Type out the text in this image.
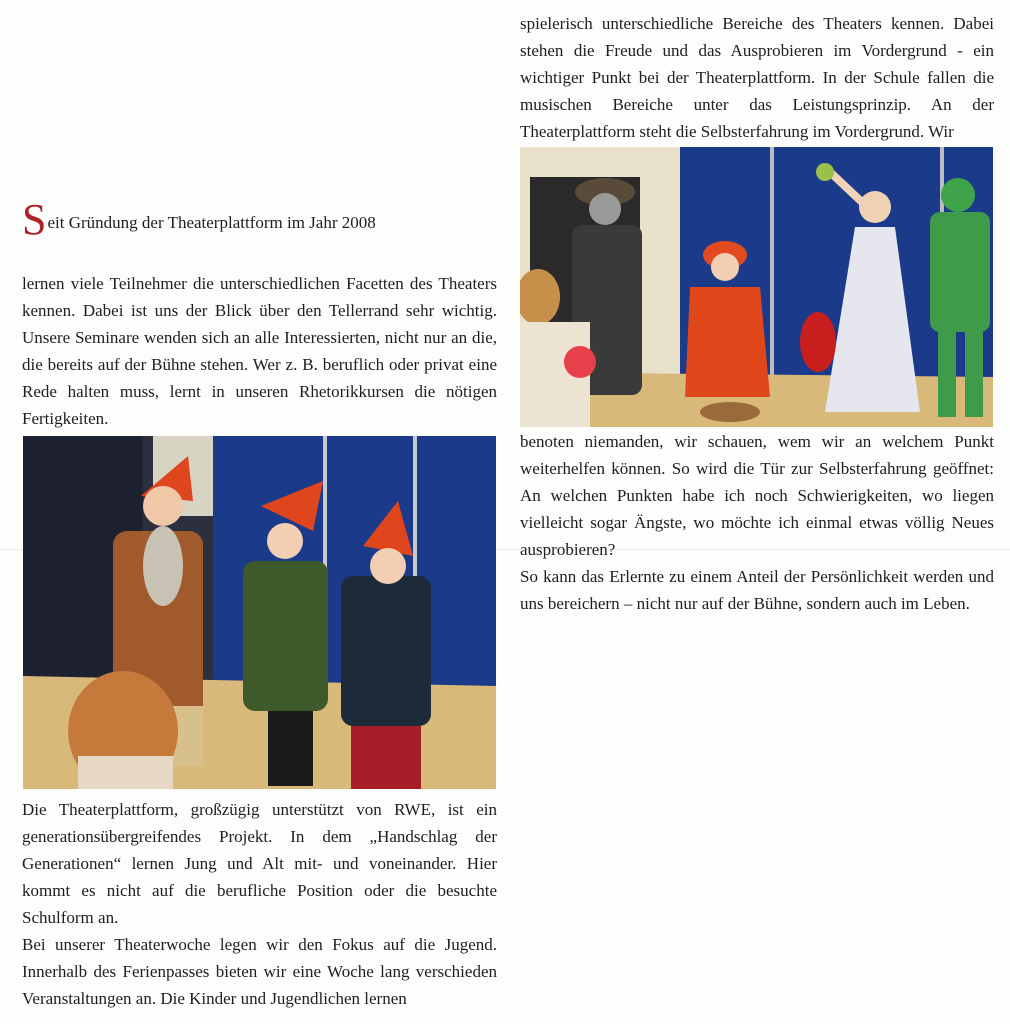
Seit Gründung der Theaterplattform im Jahr 2008

lernen viele Teilnehmer die unterschiedlichen Facetten des Theaters kennen. Dabei ist uns der Blick über den Tellerrand sehr wichtig. Unsere Seminare wenden sich an alle Interessierten, nicht nur an die, die bereits auf der Bühne stehen. Wer z. B. beruflich oder privat eine Rede halten muss, lernt in unseren Rhetorikkursen die nötigen Fertigkeiten.

Die Theaterplattform, großzügig unterstützt von RWE, ist ein generationsübergreifendes Projekt. In dem „Handschlag der Generationen“ lernen Jung und Alt mit- und voneinander. Hier kommt es nicht auf die berufliche Position oder die besuchte Schulform an.

Bei unserer Theaterwoche legen wir den Fokus auf die Jugend. Innerhalb des Ferienpasses bieten wir eine Woche lang verschieden Veranstaltungen an. Die Kinder und Jugendlichen lernen

spielerisch unterschiedliche Bereiche des Theaters kennen. Dabei stehen die Freude und das Ausprobieren im Vordergrund - ein wichtiger Punkt bei der Theaterplattform. In der Schule fallen die musischen Bereiche unter das Leistungsprinzip. An der Theaterplattform steht die Selbsterfahrung im Vordergrund. Wir

benoten niemanden, wir schauen, wem wir an welchem Punkt weiterhelfen können. So wird die Tür zur Selbsterfahrung geöffnet: An welchen Punkten habe ich noch Schwierigkeiten, wo liegen vielleicht sogar Ängste, wo möchte ich einmal etwas völlig Neues ausprobieren?

So kann das Erlernte zu einem Anteil der Persönlichkeit werden und uns bereichern – nicht nur auf der Bühne, sondern auch im Leben.
